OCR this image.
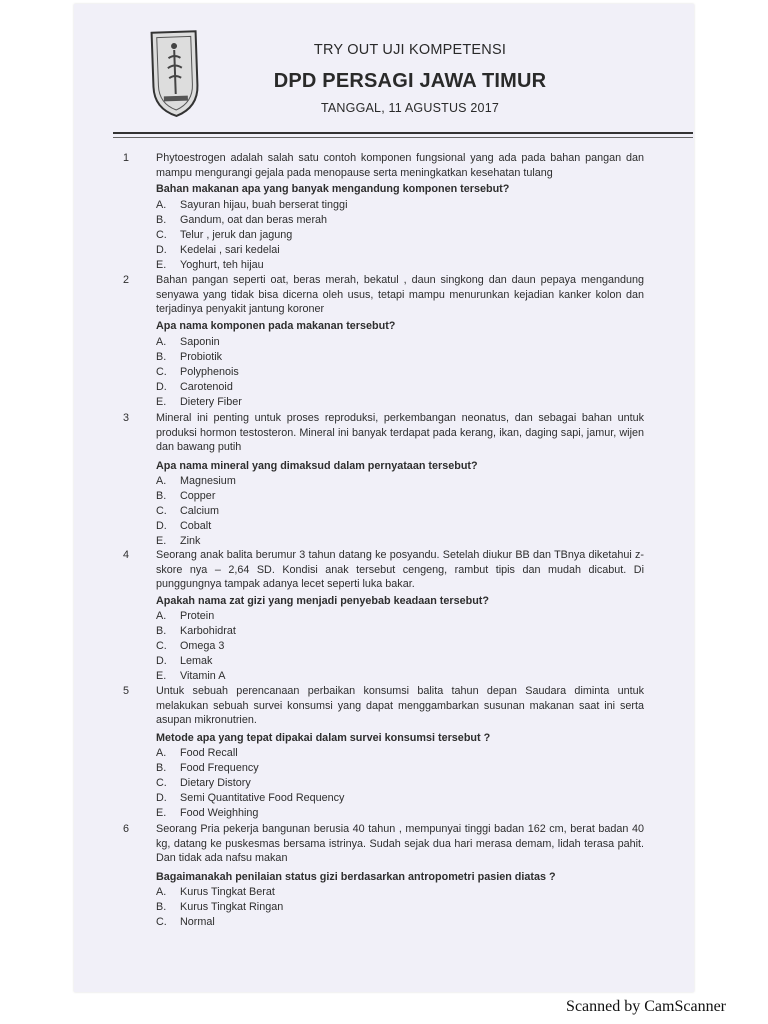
TRY OUT UJI KOMPETENSI
DPD PERSAGI JAWA TIMUR
TANGGAL, 11 AGUSTUS 2017
1 Phytoestrogen adalah salah satu contoh komponen fungsional yang ada pada bahan pangan dan mampu mengurangi gejala pada menopause serta meningkatkan kesehatan tulang
Bahan makanan apa yang banyak mengandung komponen tersebut?
A. Sayuran hijau, buah berserat tinggi
B. Gandum, oat dan beras merah
C. Telur , jeruk dan jagung
D. Kedelai , sari kedelai
E. Yoghurt, teh hijau
2 Bahan pangan seperti oat, beras merah, bekatul , daun singkong dan daun pepaya mengandung senyawa yang tidak bisa dicerna oleh usus, tetapi mampu menurunkan kejadian kanker kolon dan terjadinya penyakit jantung koroner
Apa nama komponen pada makanan tersebut?
A. Saponin
B. Probiotik
C. Polyphenois
D. Carotenoid
E. Dietery Fiber
3 Mineral ini penting untuk proses reproduksi, perkembangan neonatus, dan sebagai bahan untuk produksi hormon testosteron. Mineral ini banyak terdapat pada kerang, ikan, daging sapi, jamur, wijen dan bawang putih
Apa nama mineral yang dimaksud dalam pernyataan tersebut?
A. Magnesium
B. Copper
C. Calcium
D. Cobalt
E. Zink
4 Seorang anak balita berumur 3 tahun datang ke posyandu. Setelah diukur BB dan TBnya diketahui z-skore nya – 2,64 SD. Kondisi anak tersebut cengeng, rambut tipis dan mudah dicabut. Di punggungnya tampak adanya lecet seperti luka bakar.
Apakah nama zat gizi yang menjadi penyebab keadaan tersebut?
A. Protein
B. Karbohidrat
C. Omega 3
D. Lemak
E. Vitamin A
5 Untuk sebuah perencanaan perbaikan konsumsi balita tahun depan Saudara diminta untuk melakukan sebuah survei konsumsi yang dapat menggambarkan susunan makanan saat ini serta asupan mikronutrien.
Metode apa yang tepat dipakai dalam survei konsumsi tersebut ?
A. Food Recall
B. Food Frequency
C. Dietary Distory
D. Semi Quantitative Food Requency
E. Food Weighhing
6 Seorang Pria pekerja bangunan berusia 40 tahun , mempunyai tinggi badan 162 cm, berat badan 40 kg, datang ke puskesmas bersama istrinya. Sudah sejak dua hari merasa demam, lidah terasa pahit. Dan tidak ada nafsu makan
Bagaimanakah penilaian status gizi berdasarkan antropometri pasien diatas ?
A. Kurus Tingkat Berat
B. Kurus Tingkat Ringan
C. Normal
Scanned by CamScanner
